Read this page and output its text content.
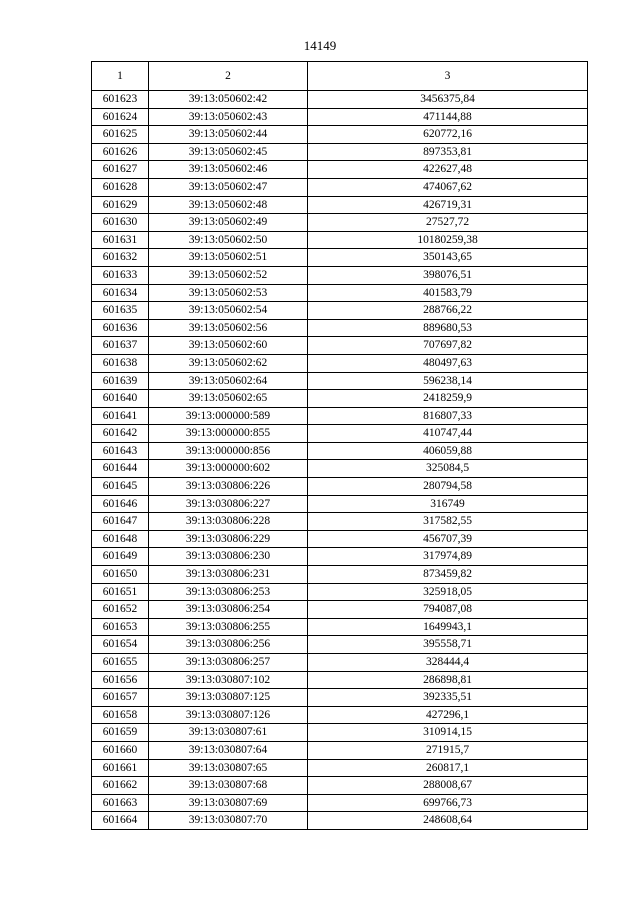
14149
1	2	3
601623	39:13:050602:42	3456375,84
601624	39:13:050602:43	471144,88
601625	39:13:050602:44	620772,16
601626	39:13:050602:45	897353,81
601627	39:13:050602:46	422627,48
601628	39:13:050602:47	474067,62
601629	39:13:050602:48	426719,31
601630	39:13:050602:49	27527,72
601631	39:13:050602:50	10180259,38
601632	39:13:050602:51	350143,65
601633	39:13:050602:52	398076,51
601634	39:13:050602:53	401583,79
601635	39:13:050602:54	288766,22
601636	39:13:050602:56	889680,53
601637	39:13:050602:60	707697,82
601638	39:13:050602:62	480497,63
601639	39:13:050602:64	596238,14
601640	39:13:050602:65	2418259,9
601641	39:13:000000:589	816807,33
601642	39:13:000000:855	410747,44
601643	39:13:000000:856	406059,88
601644	39:13:000000:602	325084,5
601645	39:13:030806:226	280794,58
601646	39:13:030806:227	316749
601647	39:13:030806:228	317582,55
601648	39:13:030806:229	456707,39
601649	39:13:030806:230	317974,89
601650	39:13:030806:231	873459,82
601651	39:13:030806:253	325918,05
601652	39:13:030806:254	794087,08
601653	39:13:030806:255	1649943,1
601654	39:13:030806:256	395558,71
601655	39:13:030806:257	328444,4
601656	39:13:030807:102	286898,81
601657	39:13:030807:125	392335,51
601658	39:13:030807:126	427296,1
601659	39:13:030807:61	310914,15
601660	39:13:030807:64	271915,7
601661	39:13:030807:65	260817,1
601662	39:13:030807:68	288008,67
601663	39:13:030807:69	699766,73
601664	39:13:030807:70	248608,64
